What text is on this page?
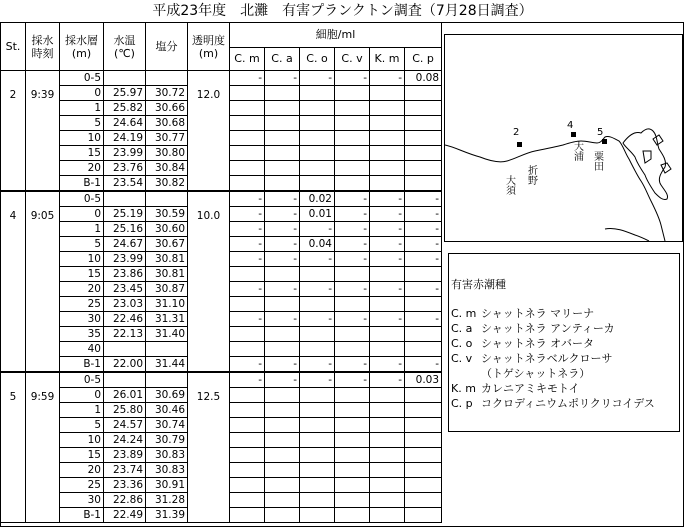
平成23年度　北灘　有害プランクトン調査（7月28日調査）
St.	採水時刻	採水層(m)	水温(℃)	塩分	透明度(m)	細胞/ml					
						C. m	C. a	C. o	C. v	K. m	C. p
2	9:39	0-5			12.0	-	-	-	-	-	0.08
		0	25.97	30.72							
		1	25.82	30.66							
		5	24.64	30.68							
		10	24.19	30.77							
		15	23.99	30.80							
		20	23.76	30.84							
		B-1	23.54	30.82							
4	9:05	0-5			10.0	-	-	0.02	-	-	-
		0	25.19	30.59		-	-	0.01	-	-	-
		1	25.16	30.60		-	-	-	-	-	-
		5	24.67	30.67		-	-	0.04	-	-	-
		10	23.99	30.81		-	-	-	-	-	-
		15	23.86	30.81							
		20	23.45	30.87		-	-	-	-	-	-
		25	23.03	31.10							
		30	22.46	31.31		-	-	-	-	-	-
		35	22.13	31.40							
		40									
		B-1	22.00	31.44		-	-	-	-	-	-
5	9:59	0-5			12.5	-	-	-	-	-	0.03
		0	26.01	30.69							
		1	25.80	30.46							
		5	24.57	30.74							
		10	24.24	30.79							
		15	23.89	30.83							
		20	23.74	30.83							
		25	23.36	30.91							
		30	22.86	31.28							
		B-1	22.49	31.39							
2
4
5
大須 折野
大浦 粟田
有害赤潮種
C. m シャットネラ マリーナ
C. a シャットネラ アンティーカ
C. o シャットネラ オバータ
C. v シャットネラベルクローサ
（トゲシャットネラ）
K. m カレニアミキモトイ
C. p コクロディニウムポリクリコイデス
